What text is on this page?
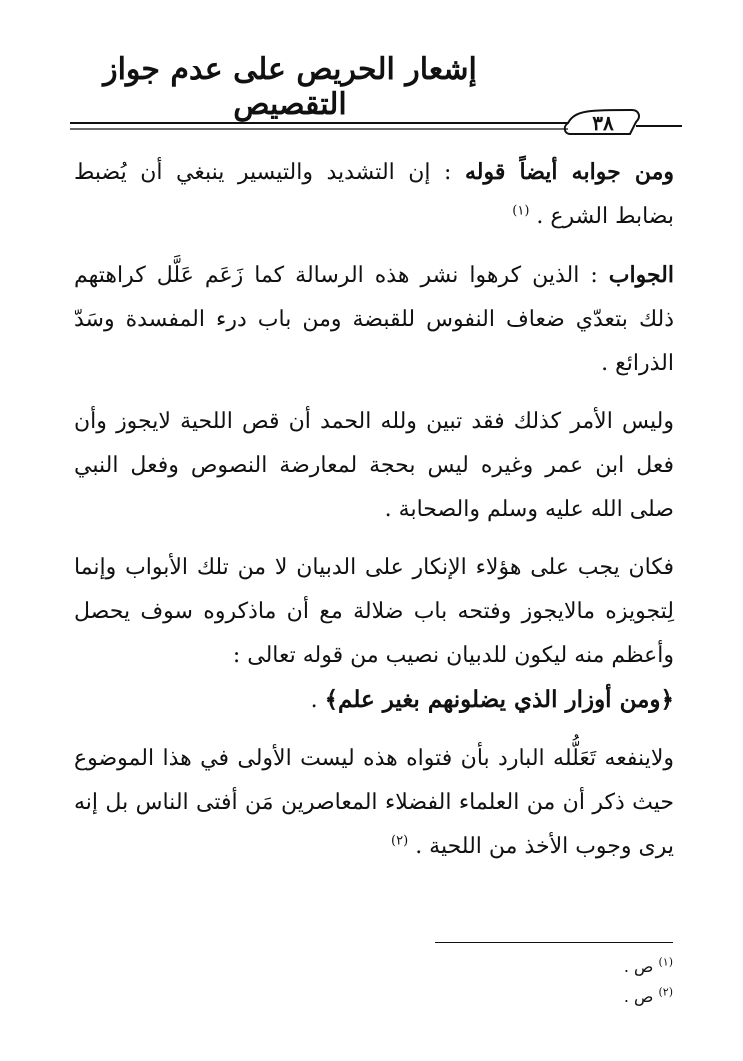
إشعار الحريص على عدم جواز التقصيص
٣٨

ومن جوابه أيضاً قوله : إن التشديد والتيسير ينبغي أن يُضبط بضابط الشرع . $^{(١)}$

الجواب : الذين كرهوا نشر هذه الرسالة كما زَعَم عَلَّل كراهتهم ذلك بتعدّي ضعاف النفوس للقبضة ومن باب درء المفسدة وسَدّ الذرائع .

وليس الأمر كذلك فقد تبين ولله الحمد أن قص اللحية لايجوز وأن فعل ابن عمر وغيره ليس بحجة لمعارضة النصوص وفعل النبي صلى الله عليه وسلم والصحابة .

فكان يجب على هؤلاء الإنكار على الدبيان لا من تلك الأبواب وإنما لِتجويزه مالايجوز وفتحه باب ضلالة مع أن ماذكروه سوف يحصل وأعظم منه ليكون للدبيان نصيب من قوله تعالى :
﴿ومن أوزار الذي يضلونهم بغير علم﴾ .

ولاينفعه تَعَلُّله البارد بأن فتواه هذه ليست الأولى في هذا الموضوع حيث ذكر أن من العلماء الفضلاء المعاصرين مَن أفتى الناس بل إنه يرى وجوب الأخذ من اللحية . $^{(٢)}$

$^{(١)}$ ص .
$^{(٢)}$ ص .
